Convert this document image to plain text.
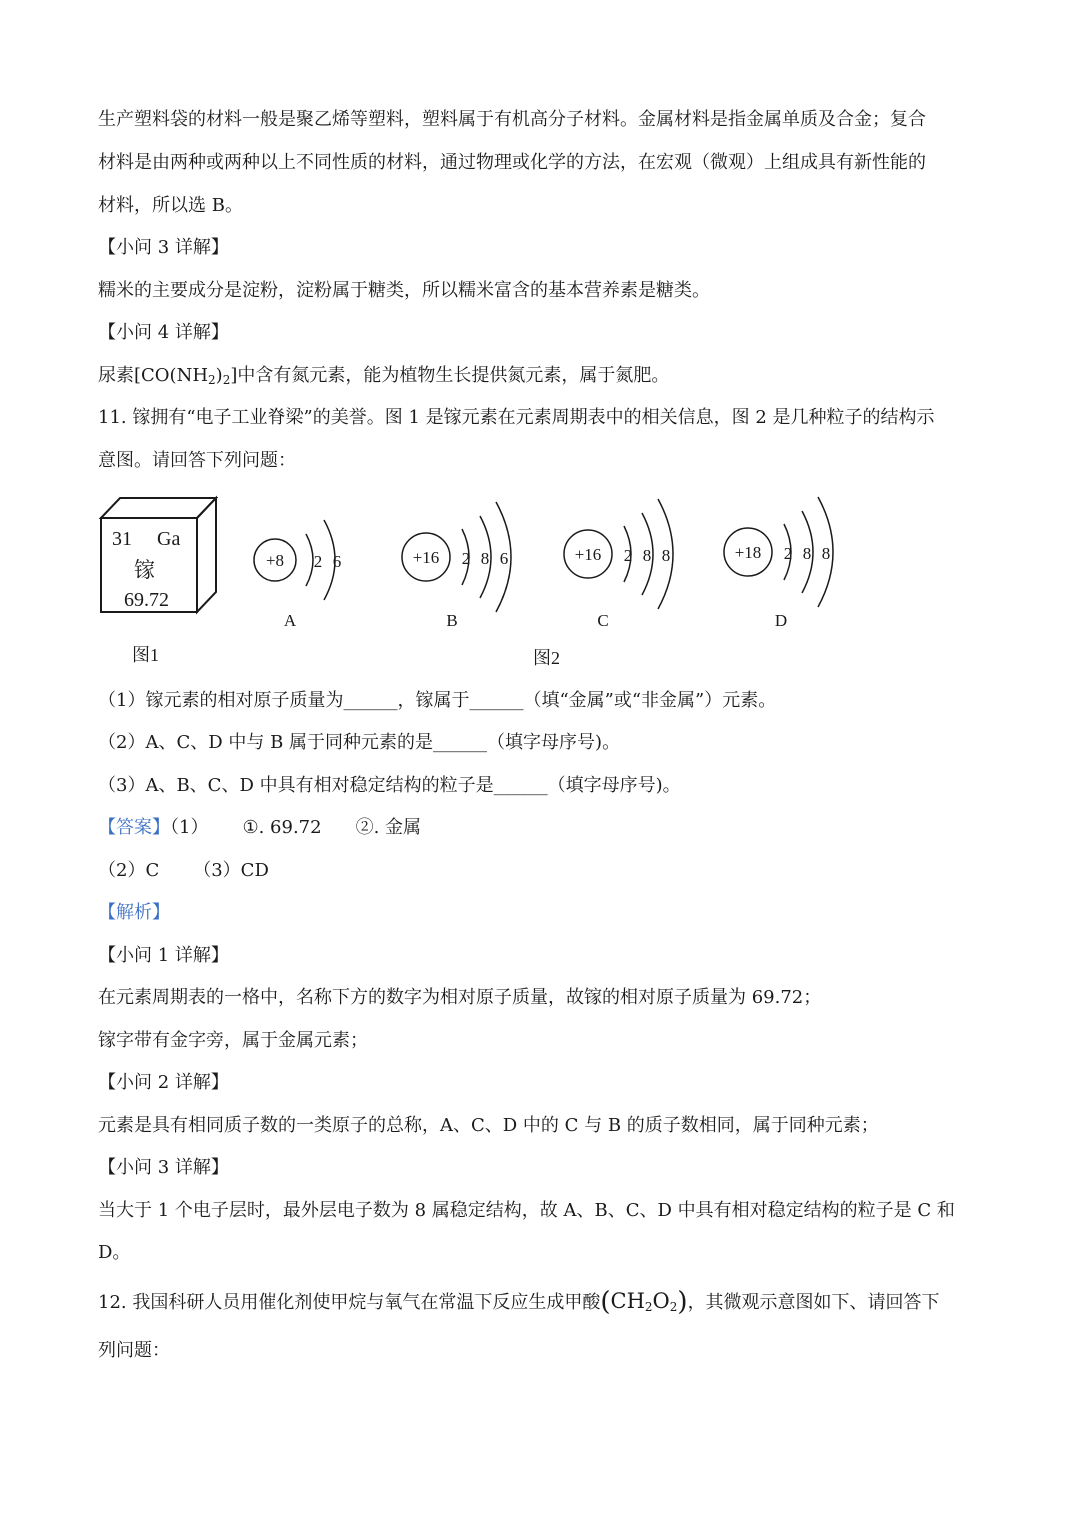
生产塑料袋的材料一般是聚乙烯等塑料，塑料属于有机高分子材料。金属材料是指金属单质及合金；复合
材料是由两种或两种以上不同性质的材料，通过物理或化学的方法，在宏观（微观）上组成具有新性能的
材料，所以选 B。
【小问 3 详解】
糯米的主要成分是淀粉，淀粉属于糖类，所以糯米富含的基本营养素是糖类。
【小问 4 详解】
尿素$[CO(NH_2)_2]$中含有氮元素，能为植物生长提供氮元素，属于氮肥。
11. 镓拥有“电子工业脊梁”的美誉。图 1 是镓元素在元素周期表中的相关信息，图 2 是几种粒子的结构示
意图。请回答下列问题：
31 Ga
镓
69.72
图1
+8 2 6
A
+16 2 8 6
B
+16 2 8 8
C
+18 2 8 8
D
图2
（1）镓元素的相对原子质量为______，镓属于______（填“金属”或“非金属”）元素。
（2）A、C、D 中与 B 属于同种元素的是______（填字母序号)。
（3）A、B、C、D 中具有相对稳定结构的粒子是______（填字母序号)。
【答案】（1） ①. 69.72 ②. 金属
（2）C （3）CD
【解析】
【小问 1 详解】
在元素周期表的一格中，名称下方的数字为相对原子质量，故镓的相对原子质量为 69.72；
镓字带有金字旁，属于金属元素；
【小问 2 详解】
元素是具有相同质子数的一类原子的总称，A、C、D 中的 C 与 B 的质子数相同，属于同种元素；
【小问 3 详解】
当大于 1 个电子层时，最外层电子数为 8 属稳定结构，故 A、B、C、D 中具有相对稳定结构的粒子是 C 和
D。
12. 我国科研人员用催化剂使甲烷与氧气在常温下反应生成甲酸$(CH_2O_2)$，其微观示意图如下、请回答下
列问题：
